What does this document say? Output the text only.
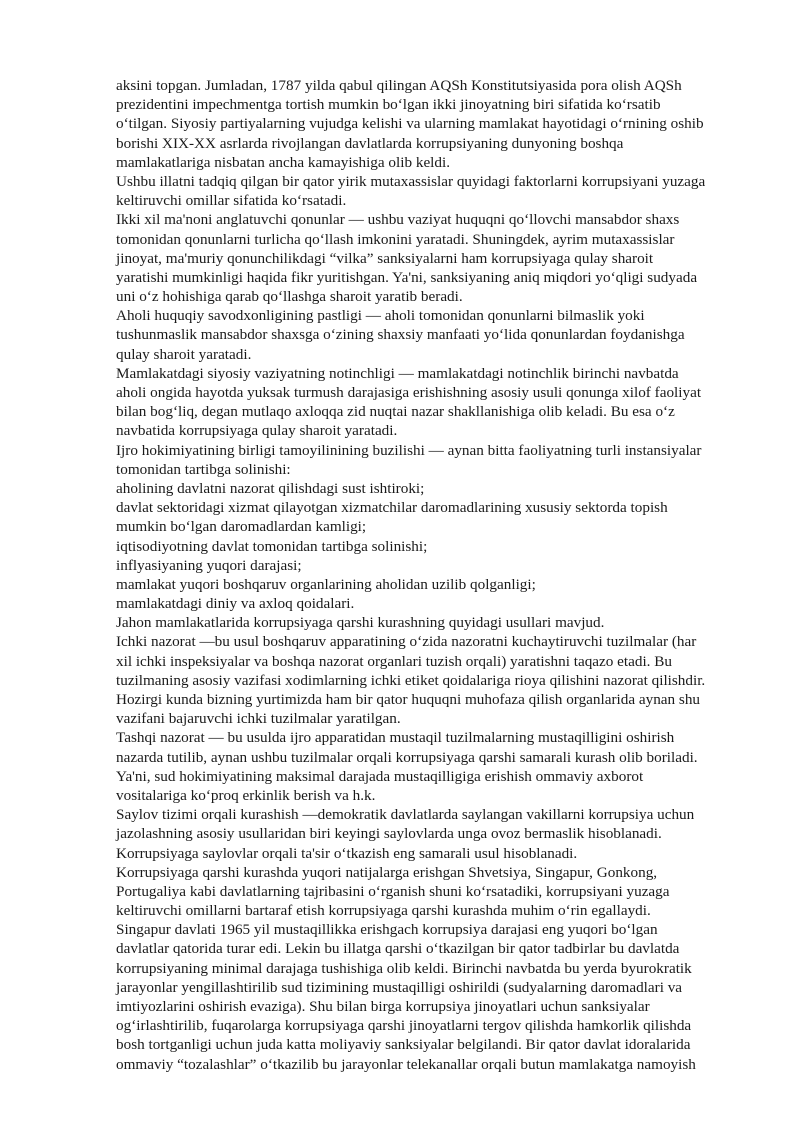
aksini topgan. Jumladan, 1787 yilda qabul qilingan AQSh Konstitutsiyasida pora olish AQSh

prezidentini impechmentga tortish mumkin bo‘lgan ikki jinoyatning biri sifatida ko‘rsatib

o‘tilgan. Siyosiy partiyalarning vujudga kelishi va ularning mamlakat hayotidagi o‘rnining oshib

borishi XIX-XX asrlarda rivojlangan davlatlarda korrupsiyaning dunyoning boshqa

mamlakatlariga nisbatan ancha kamayishiga olib keldi.

Ushbu illatni tadqiq qilgan bir qator yirik mutaxassislar quyidagi faktorlarni korrupsiyani yuzaga

keltiruvchi omillar sifatida ko‘rsatadi.

Ikki xil ma'noni anglatuvchi qonunlar — ushbu vaziyat huquqni qo‘llovchi mansabdor shaxs

tomonidan qonunlarni turlicha qo‘llash imkonini yaratadi. Shuningdek, ayrim mutaxassislar

jinoyat, ma'muriy qonunchilikdagi “vilka” sanksiyalarni ham korrupsiyaga qulay sharoit

yaratishi mumkinligi haqida fikr yuritishgan. Ya'ni, sanksiyaning aniq miqdori yo‘qligi sudyada

uni o‘z hohishiga qarab qo‘llashga sharoit yaratib beradi.

Aholi huquqiy savodxonligining pastligi — aholi tomonidan qonunlarni bilmaslik yoki

tushunmaslik mansabdor shaxsga o‘zining shaxsiy manfaati yo‘lida qonunlardan foydanishga

qulay sharoit yaratadi.

Mamlakatdagi siyosiy vaziyatning notinchligi — mamlakatdagi notinchlik birinchi navbatda

aholi ongida hayotda yuksak turmush darajasiga erishishning asosiy usuli qonunga xilof faoliyat

bilan bog‘liq, degan mutlaqo axloqqa zid nuqtai nazar shakllanishiga olib keladi. Bu esa o‘z

navbatida korrupsiyaga qulay sharoit yaratadi.

Ijro hokimiyatining birligi tamoyilinining buzilishi — aynan bitta faoliyatning turli instansiyalar

tomonidan tartibga solinishi:

aholining davlatni nazorat qilishdagi sust ishtiroki;

davlat sektoridagi xizmat qilayotgan xizmatchilar daromadlarining xususiy sektorda topish

mumkin bo‘lgan daromadlardan kamligi;

iqtisodiyotning davlat tomonidan tartibga solinishi;

inflyasiyaning yuqori darajasi;

mamlakat yuqori boshqaruv organlarining aholidan uzilib qolganligi;

mamlakatdagi diniy va axloq qoidalari.

Jahon mamlakatlarida korrupsiyaga qarshi kurashning quyidagi usullari mavjud.

Ichki nazorat —bu usul boshqaruv apparatining o‘zida nazoratni kuchaytiruvchi tuzilmalar (har

xil ichki inspeksiyalar va boshqa nazorat organlari tuzish orqali) yaratishni taqazo etadi. Bu

tuzilmaning asosiy vazifasi xodimlarning ichki etiket qoidalariga rioya qilishini nazorat qilishdir.

Hozirgi kunda bizning yurtimizda ham bir qator huquqni muhofaza qilish organlarida aynan shu

vazifani bajaruvchi ichki tuzilmalar yaratilgan.

Tashqi nazorat — bu usulda ijro apparatidan mustaqil tuzilmalarning mustaqilligini oshirish

nazarda tutilib, aynan ushbu tuzilmalar orqali korrupsiyaga qarshi samarali kurash olib boriladi.

Ya'ni, sud hokimiyatining maksimal darajada mustaqilligiga erishish ommaviy axborot

vositalariga ko‘proq erkinlik berish va h.k.

Saylov tizimi orqali kurashish —demokratik davlatlarda saylangan vakillarni korrupsiya uchun

jazolashning asosiy usullaridan biri keyingi saylovlarda unga ovoz bermaslik hisoblanadi.

Korrupsiyaga saylovlar orqali ta'sir o‘tkazish eng samarali usul hisoblanadi.

Korrupsiyaga qarshi kurashda yuqori natijalarga erishgan Shvetsiya, Singapur, Gonkong,

Portugaliya kabi davlatlarning tajribasini o‘rganish shuni ko‘rsatadiki, korrupsiyani yuzaga

keltiruvchi omillarni bartaraf etish korrupsiyaga qarshi kurashda muhim o‘rin egallaydi.

Singapur davlati 1965 yil mustaqillikka erishgach korrupsiya darajasi eng yuqori bo‘lgan

davlatlar qatorida turar edi. Lekin bu illatga qarshi o‘tkazilgan bir qator tadbirlar bu davlatda

korrupsiyaning minimal darajaga tushishiga olib keldi. Birinchi navbatda bu yerda byurokratik

jarayonlar yengillashtirilib sud tizimining mustaqilligi oshirildi (sudyalarning daromadlari va

imtiyozlarini oshirish evaziga). Shu bilan birga korrupsiya jinoyatlari uchun sanksiyalar

og‘irlashtirilib, fuqarolarga korrupsiyaga qarshi jinoyatlarni tergov qilishda hamkorlik qilishda

bosh tortganligi uchun juda katta moliyaviy sanksiyalar belgilandi. Bir qator davlat idoralarida

ommaviy “tozalashlar” o‘tkazilib bu jarayonlar telekanallar orqali butun mamlakatga namoyish
